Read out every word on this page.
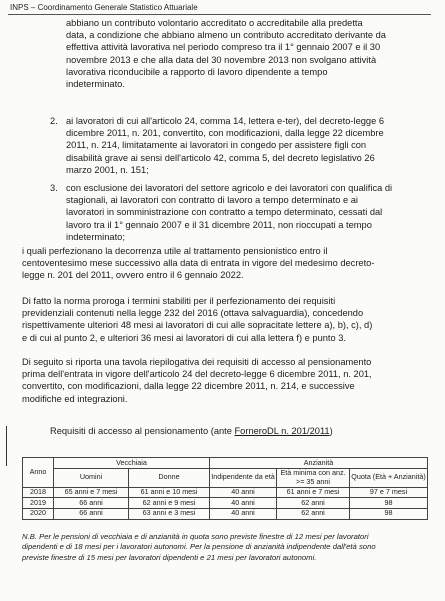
INPS – Coordinamento Generale Statistico Attuariale
abbiano un contributo volontario accreditato o accreditabile alla predetta
data, a condizione che abbiano almeno un contributo accreditato derivante da
effettiva attività lavorativa nel periodo compreso tra il 1° gennaio 2007 e il 30
novembre 2013 e che alla data del 30 novembre 2013 non svolgano attività
lavorativa riconducibile a rapporto di lavoro dipendente a tempo
indeterminato.
2. ai lavoratori di cui all'articolo 24, comma 14, lettera e-ter), del decreto-legge 6
dicembre 2011, n. 201, convertito, con modificazioni, dalla legge 22 dicembre
2011, n. 214, limitatamente ai lavoratori in congedo per assistere figli con
disabilità grave ai sensi dell'articolo 42, comma 5, del decreto legislativo 26
marzo 2001, n. 151;
3. con esclusione dei lavoratori del settore agricolo e dei lavoratori con qualifica di
stagionali, ai lavoratori con contratto di lavoro a tempo determinato e ai
lavoratori in somministrazione con contratto a tempo determinato, cessati dal
lavoro tra il 1° gennaio 2007 e il 31 dicembre 2011, non rioccupati a tempo
indeterminato;
i quali perfezionano la decorrenza utile al trattamento pensionistico entro il
centoventesimo mese successivo alla data di entrata in vigore del medesimo decreto-
legge n. 201 del 2011, ovvero entro il 6 gennaio 2022.
Di fatto la norma proroga i termini stabiliti per il perfezionamento dei requisiti
previdenziali contenuti nella legge 232 del 2016 (ottava salvaguardia), concedendo
rispettivamente ulteriori 48 mesi ai lavoratori di cui alle sopracitate lettere a), b), c), d)
e di cui al punto 2, e ulteriori 36 mesi ai lavoratori di cui alla lettera f) e punto 3.
Di seguito si riporta una tavola riepilogativa dei requisiti di accesso al pensionamento
prima dell'entrata in vigore dell'articolo 24 del decreto-legge 6 dicembre 2011, n. 201,
convertito, con modificazioni, dalla legge 22 dicembre 2011, n. 214, e successive
modifiche ed integrazioni.
Requisiti di accesso al pensionamento (ante ForneroDL n. 201/2011)
Anno	Vecchiaia		Anzianità		
	Uomini	Donne	Indipendente da età	Età minima con anz. >= 35 anni	Quota (Età + Anzianità)
2018	65 anni e 7 mesi	61 anni e 10 mesi	40 anni	61 anni e 7 mesi	97 e 7 mesi
2019	66 anni	62 anni e 9 mesi	40 anni	62 anni	98
2020	66 anni	63 anni e 3 mesi	40 anni	62 anni	98
N.B. Per le pensioni di vecchiaia e di anzianità in quota sono previste finestre di 12 mesi per lavoratori
dipendenti e di 18 mesi per i lavoratori autonomi. Per la pensione di anzianità indipendente dall'età sono
previste finestre di 15 mesi per lavoratori dipendenti e 21 mesi per lavoratori autonomi.
